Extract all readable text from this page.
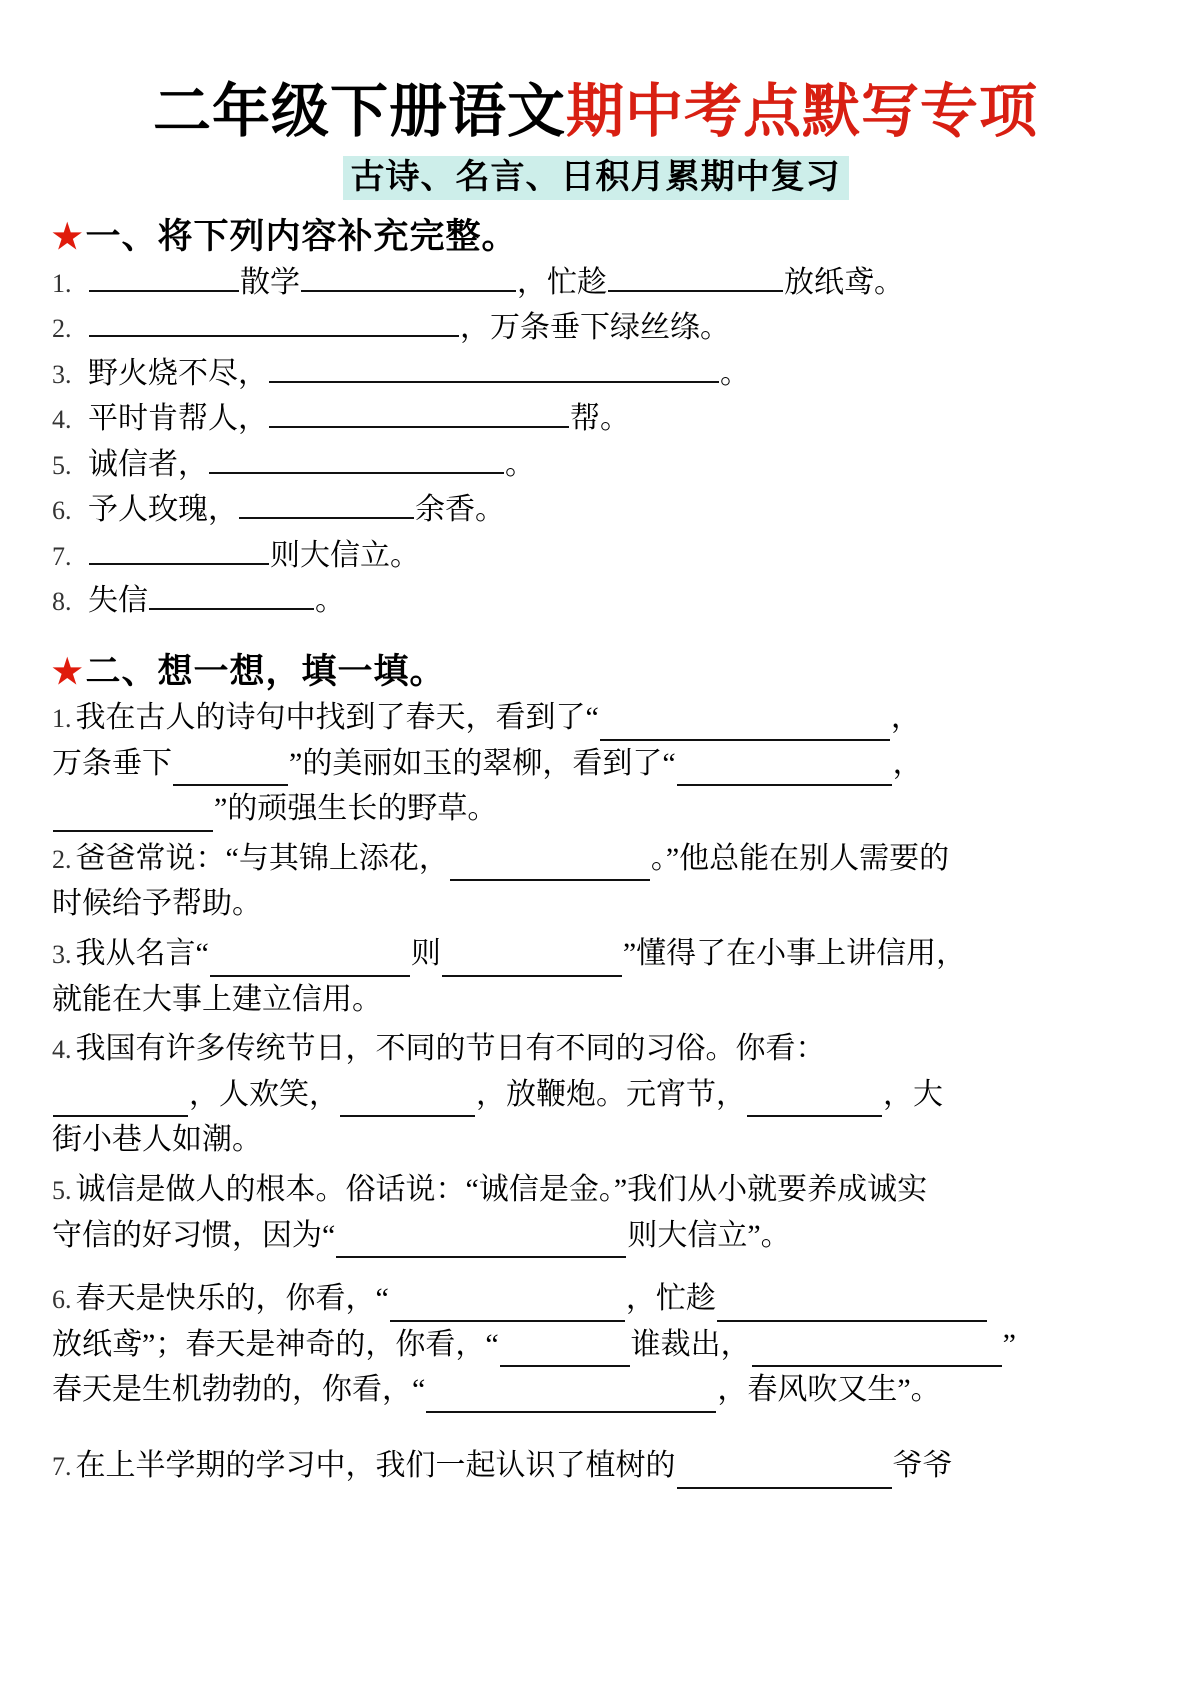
二年级下册语文期中考点默写专项
古诗、名言、日积月累期中复习
★ 一、将下列内容补充完整。
1.	散学	，忙趁	放纸鸢。
2.	，万条垂下绿丝绦。
3. 野火烧不尽，	。
4. 平时肯帮人，	帮。
5. 诚信者，	。
6. 予人玫瑰，	余香。
7.	则大信立。
8. 失信	。
★ 二、想一想，填一填。
1. 我在古人的诗句中找到了春天，看到了“	，
万条垂下	”的美丽如玉的翠柳，看到了“	，
”的顽强生长的野草。
2. 爸爸常说：“与其锦上添花，	。”他总能在别人需要的
时候给予帮助。
3. 我从名言“	则	”懂得了在小事上讲信用，
就能在大事上建立信用。
4. 我国有许多传统节日，不同的节日有不同的习俗。你看：
，人欢笑，	，放鞭炮。元宵节，	，大
街小巷人如潮。
5. 诚信是做人的根本。俗话说：“诚信是金。”我们从小就要养成诚实
守信的好习惯，因为“	则大信立”。
6. 春天是快乐的，你看，“	，忙趁
放纸鸢”；春天是神奇的，你看，“	谁裁出，	”
春天是生机勃勃的，你看，“	，春风吹又生”。
7. 在上半学期的学习中，我们一起认识了植树的	爷爷
